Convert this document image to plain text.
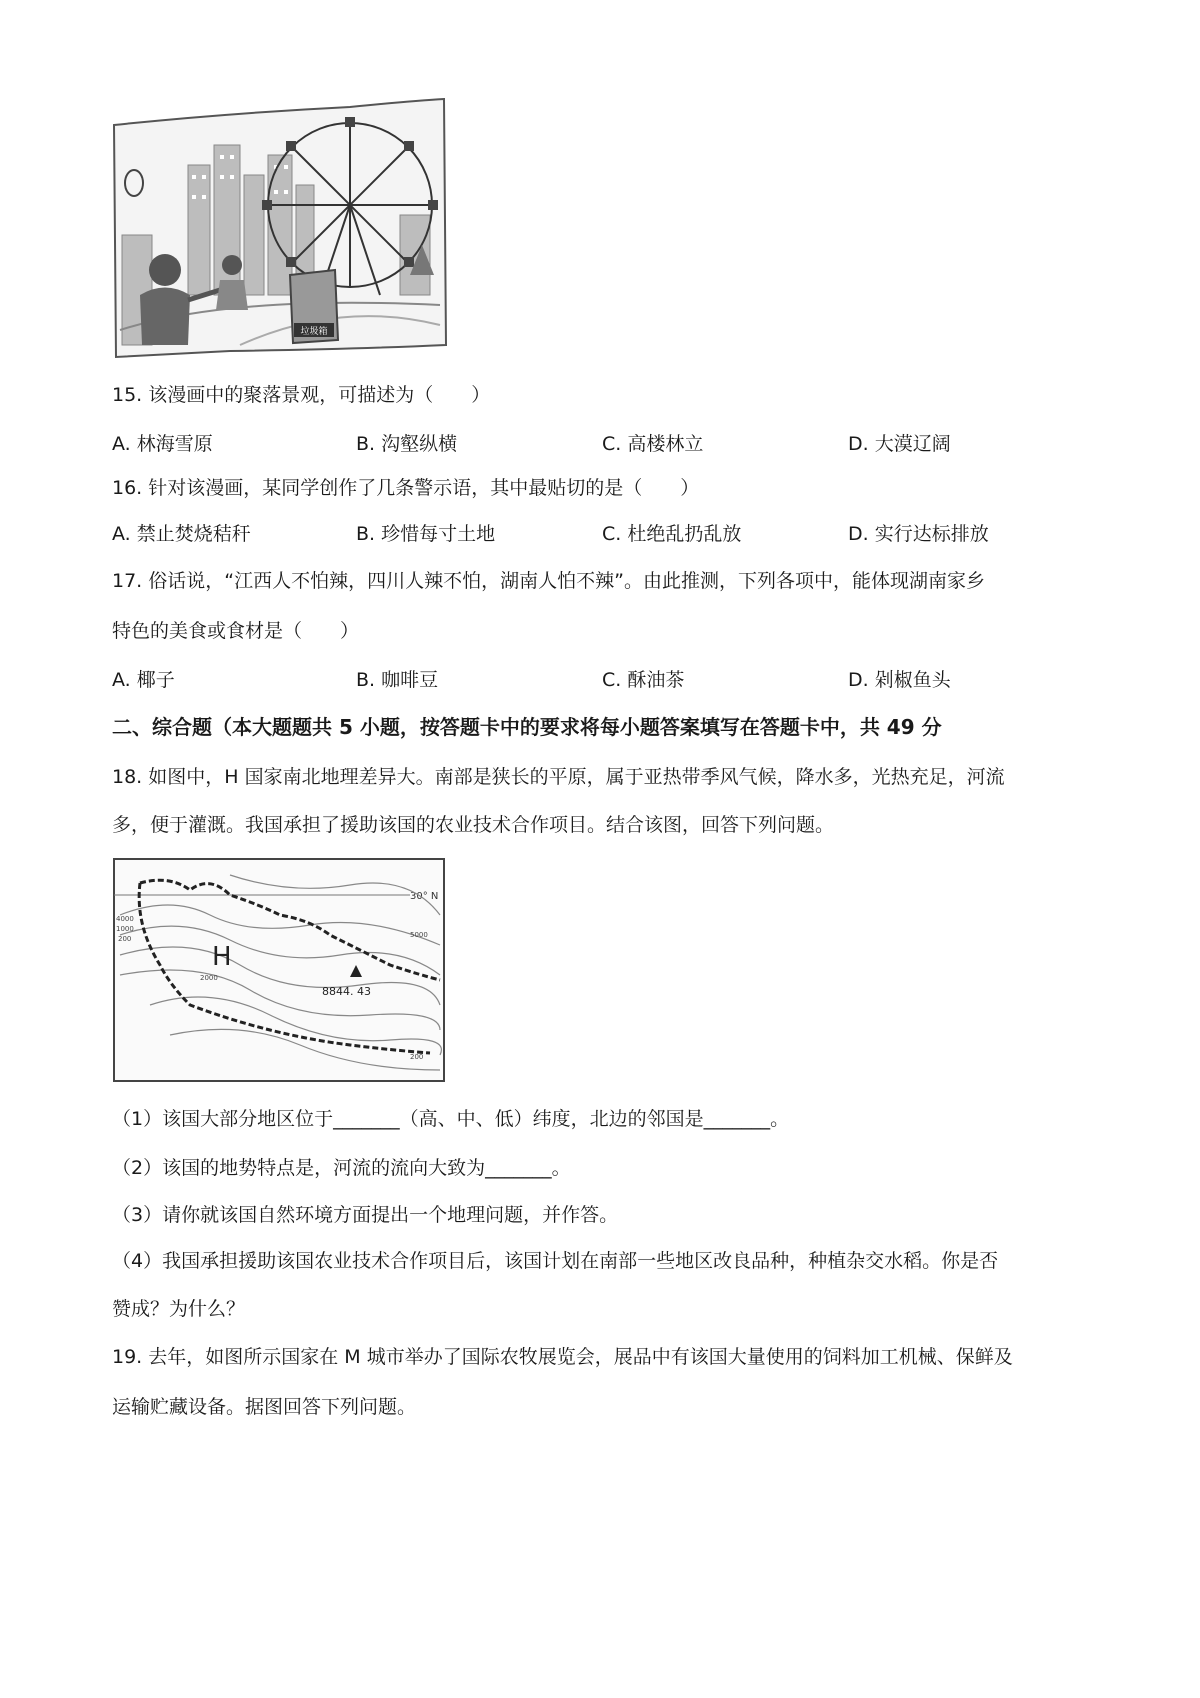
垃圾箱
15. 该漫画中的聚落景观，可描述为（　　）
A. 林海雪原	B. 沟壑纵横	C. 高楼林立	D. 大漠辽阔
16. 针对该漫画，某同学创作了几条警示语，其中最贴切的是（　　）
A. 禁止焚烧秸秆	B. 珍惜每寸土地	C. 杜绝乱扔乱放	D. 实行达标排放
17. 俗话说，“江西人不怕辣，四川人辣不怕，湖南人怕不辣”。由此推测，下列各项中，能体现湖南家乡
特色的美食或食材是（　　）
A. 椰子	B. 咖啡豆	C. 酥油茶	D. 剁椒鱼头
二、综合题（本大题题共 5 小题，按答题卡中的要求将每小题答案填写在答题卡中，共 49 分
18. 如图中，H 国家南北地理差异大。南部是狭长的平原，属于亚热带季风气候，降水多，光热充足，河流
多，便于灌溉。我国承担了援助该国的农业技术合作项目。结合该图，回答下列问题。
30° N
H
8844. 43
4000
1000
200
2000
5000
200
（1）该国大部分地区位于_______（高、中、低）纬度，北边的邻国是_______。
（2）该国的地势特点是，河流的流向大致为_______。
（3）请你就该国自然环境方面提出一个地理问题，并作答。
（4）我国承担援助该国农业技术合作项目后，该国计划在南部一些地区改良品种，种植杂交水稻。你是否
赞成？为什么？
19. 去年，如图所示国家在 M 城市举办了国际农牧展览会，展品中有该国大量使用的饲料加工机械、保鲜及
运输贮藏设备。据图回答下列问题。
